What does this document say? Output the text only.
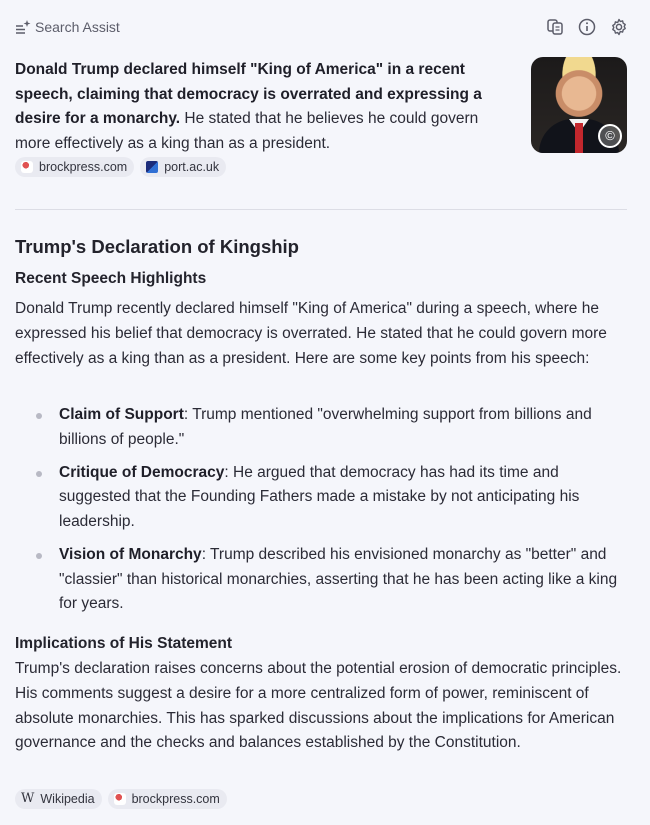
Search Assist
Donald Trump declared himself "King of America" in a recent speech, claiming that democracy is overrated and expressing a desire for a monarchy. He stated that he believes he could govern more effectively as a king than as a president.	©
brockpress.com	port.ac.uk
Trump's Declaration of Kingship
Recent Speech Highlights
Donald Trump recently declared himself "King of America" during a speech, where he expressed his belief that democracy is overrated. He stated that he could govern more effectively as a king than as a president. Here are some key points from his speech:
Claim of Support: Trump mentioned "overwhelming support from billions and billions of people."
Critique of Democracy: He argued that democracy has had its time and suggested that the Founding Fathers made a mistake by not anticipating his leadership.
Vision of Monarchy: Trump described his envisioned monarchy as "better" and "classier" than historical monarchies, asserting that he has been acting like a king for years.
Implications of His Statement
Trump's declaration raises concerns about the potential erosion of democratic principles. His comments suggest a desire for a more centralized form of power, reminiscent of absolute monarchies. This has sparked discussions about the implications for American governance and the checks and balances established by the Constitution.
W Wikipedia	brockpress.com
